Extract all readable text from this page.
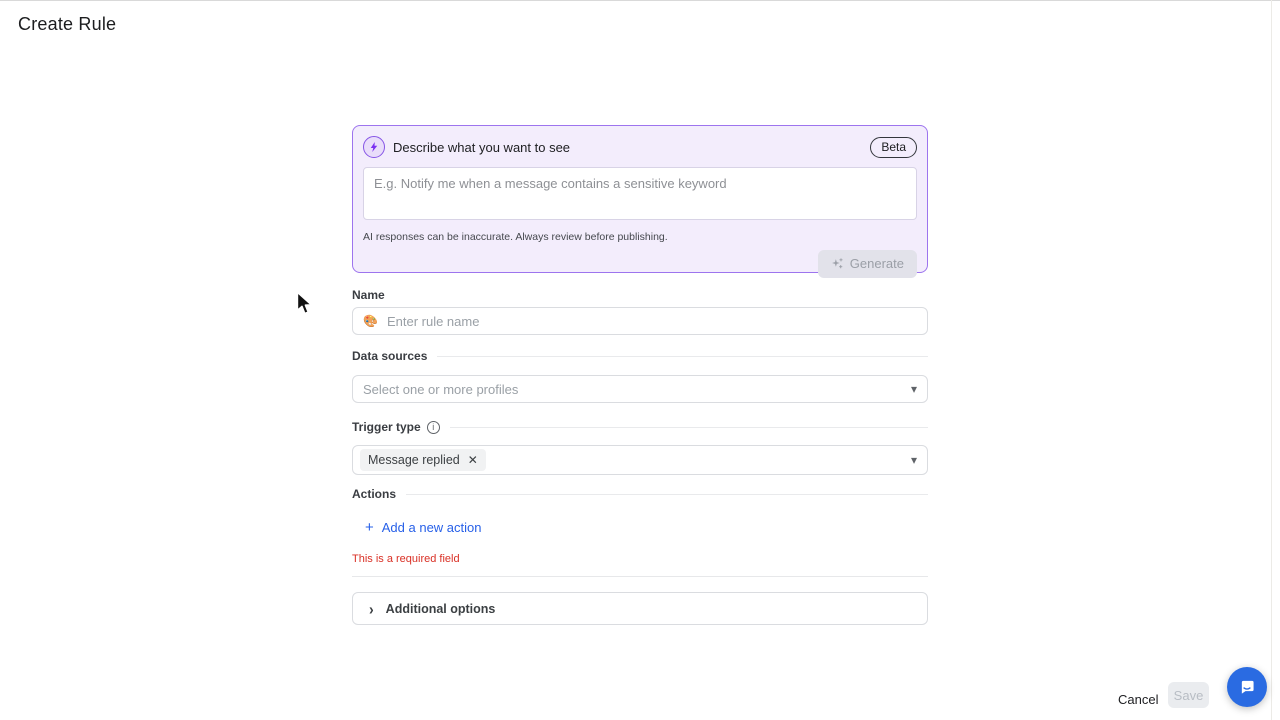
Create Rule
Describe what you want to see	Beta
E.g. Notify me when a message contains a sensitive keyword
AI responses can be inaccurate. Always review before publishing.
Generate
Name
🎨
Enter rule name
Data sources
Select one or more profiles	▾
Trigger type	i
Message replied ✕	▾
Actions
+ Add a new action
This is a required field
› Additional options
Cancel	Save
